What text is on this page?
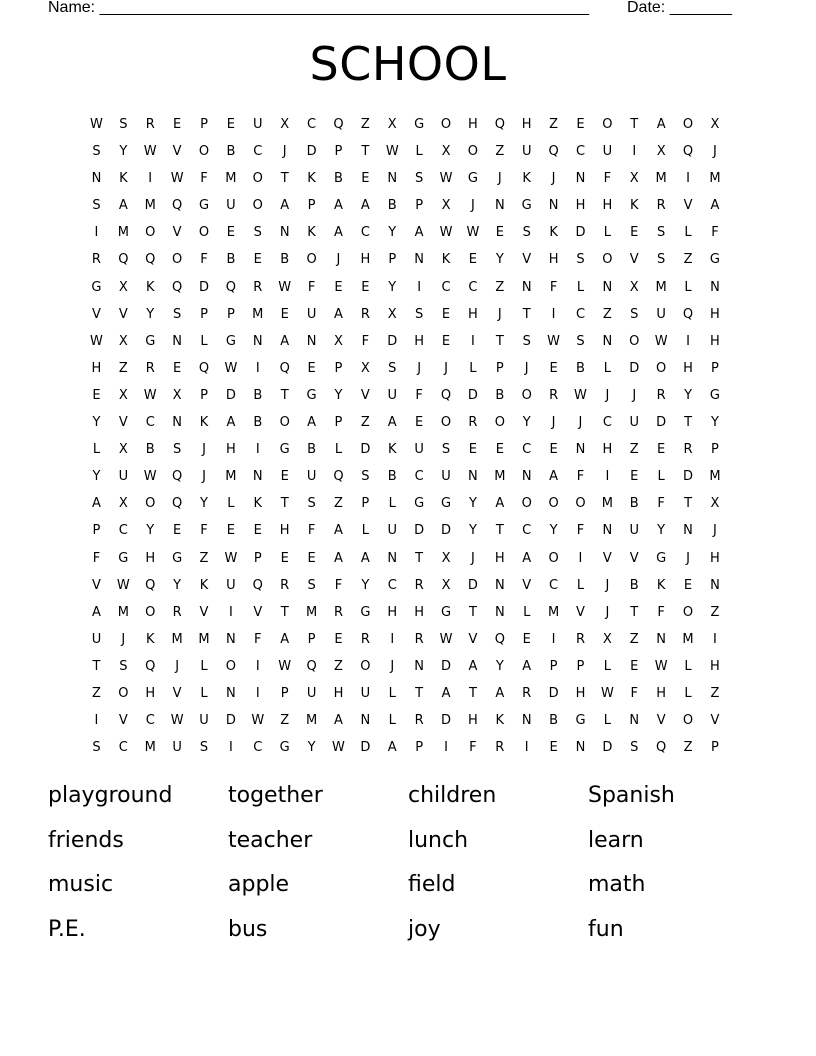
Name: _______________________________________________________ Date: _______
SCHOOL
W	S	R	E	P	E	U	X	C	Q	Z	X	G	O	H	Q	H	Z	E	O	T	A	O	X
S	Y	W	V	O	B	C	J	D	P	T	W	L	X	O	Z	U	Q	C	U	I	X	Q	J
N	K	I	W	F	M	O	T	K	B	E	N	S	W	G	J	K	J	N	F	X	M	I	M
S	A	M	Q	G	U	O	A	P	A	A	B	P	X	J	N	G	N	H	H	K	R	V	A
I	M	O	V	O	E	S	N	K	A	C	Y	A	W	W	E	S	K	D	L	E	S	L	F
R	Q	Q	O	F	B	E	B	O	J	H	P	N	K	E	Y	V	H	S	O	V	S	Z	G
G	X	K	Q	D	Q	R	W	F	E	E	Y	I	C	C	Z	N	F	L	N	X	M	L	N
V	V	Y	S	P	P	M	E	U	A	R	X	S	E	H	J	T	I	C	Z	S	U	Q	H
W	X	G	N	L	G	N	A	N	X	F	D	H	E	I	T	S	W	S	N	O	W	I	H
H	Z	R	E	Q	W	I	Q	E	P	X	S	J	J	L	P	J	E	B	L	D	O	H	P
E	X	W	X	P	D	B	T	G	Y	V	U	F	Q	D	B	O	R	W	J	J	R	Y	G
Y	V	C	N	K	A	B	O	A	P	Z	A	E	O	R	O	Y	J	J	C	U	D	T	Y
L	X	B	S	J	H	I	G	B	L	D	K	U	S	E	E	C	E	N	H	Z	E	R	P
Y	U	W	Q	J	M	N	E	U	Q	S	B	C	U	N	M	N	A	F	I	E	L	D	M
A	X	O	Q	Y	L	K	T	S	Z	P	L	G	G	Y	A	O	O	O	M	B	F	T	X
P	C	Y	E	F	E	E	H	F	A	L	U	D	D	Y	T	C	Y	F	N	U	Y	N	J
F	G	H	G	Z	W	P	E	E	A	A	N	T	X	J	H	A	O	I	V	V	G	J	H
V	W	Q	Y	K	U	Q	R	S	F	Y	C	R	X	D	N	V	C	L	J	B	K	E	N
A	M	O	R	V	I	V	T	M	R	G	H	H	G	T	N	L	M	V	J	T	F	O	Z
U	J	K	M	M	N	F	A	P	E	R	I	R	W	V	Q	E	I	R	X	Z	N	M	I
T	S	Q	J	L	O	I	W	Q	Z	O	J	N	D	A	Y	A	P	P	L	E	W	L	H
Z	O	H	V	L	N	I	P	U	H	U	L	T	A	T	A	R	D	H	W	F	H	L	Z
I	V	C	W	U	D	W	Z	M	A	N	L	R	D	H	K	N	B	G	L	N	V	O	V
S	C	M	U	S	I	C	G	Y	W	D	A	P	I	F	R	I	E	N	D	S	Q	Z	P
playground	together	children	Spanish
friends	teacher	lunch	learn
music	apple	field	math
P.E.	bus	joy	fun
